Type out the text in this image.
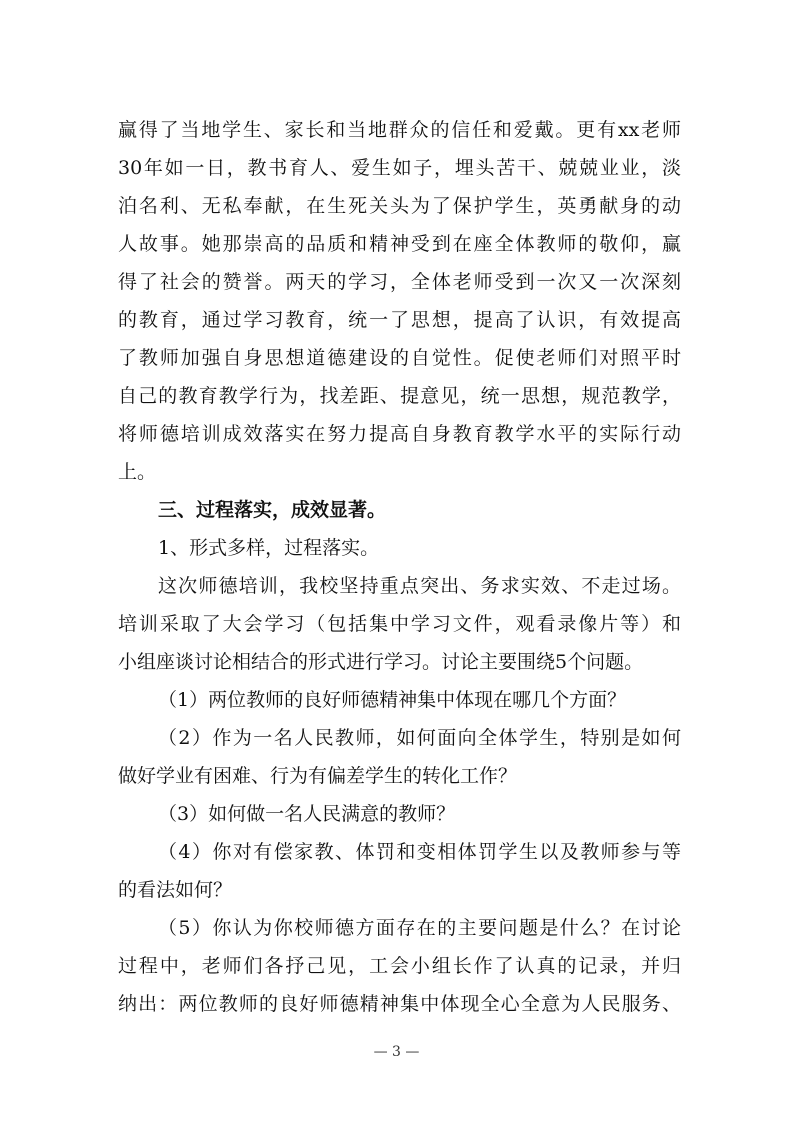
赢得了当地学生、家长和当地群众的信任和爱戴。更有xx老师
30年如一日，教书育人、爱生如子，埋头苦干、兢兢业业，淡
泊名利、无私奉献，在生死关头为了保护学生，英勇献身的动
人故事。她那崇高的品质和精神受到在座全体教师的敬仰，赢
得了社会的赞誉。两天的学习，全体老师受到一次又一次深刻
的教育，通过学习教育，统一了思想，提高了认识，有效提高
了教师加强自身思想道德建设的自觉性。促使老师们对照平时
自己的教育教学行为，找差距、提意见，统一思想，规范教学，
将师德培训成效落实在努力提高自身教育教学水平的实际行动
上。
三、过程落实，成效显著。
1、形式多样，过程落实。
这次师德培训，我校坚持重点突出、务求实效、不走过场。
培训采取了大会学习（包括集中学习文件，观看录像片等）和
小组座谈讨论相结合的形式进行学习。讨论主要围绕5个问题。
（1）两位教师的良好师德精神集中体现在哪几个方面？
（2）作为一名人民教师，如何面向全体学生，特别是如何
做好学业有困难、行为有偏差学生的转化工作？
（3）如何做一名人民满意的教师？
（4）你对有偿家教、体罚和变相体罚学生以及教师参与等
的看法如何？
（5）你认为你校师德方面存在的主要问题是什么？在讨论
过程中，老师们各抒己见，工会小组长作了认真的记录，并归
纳出：两位教师的良好师德精神集中体现全心全意为人民服务、
— 3 —
